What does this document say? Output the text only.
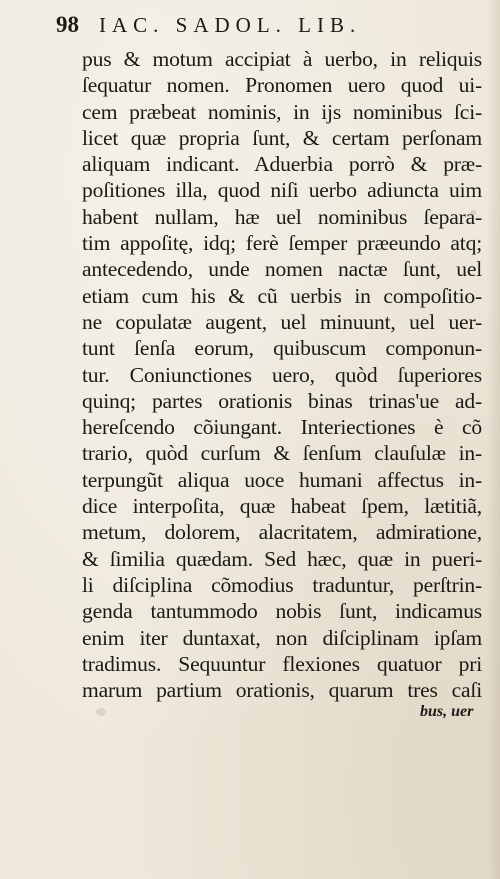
98 IAC. SADOL. LIB.
pus & motum accipiat à uerbo, in reliquis
ſequatur nomen. Pronomen uero quod ui-
cem præbeat nominis, in ijs nominibus ſci-
licet quæ propria ſunt, & certam perſonam
aliquam indicant. Aduerbia porrò & præ-
poſitiones illa, quod niſi uerbo adiuncta uim
habent nullam, hæ uel nominibus ſepara-
tim appoſitę, idq; ferè ſemper præeundo atq;
antecedendo, unde nomen nactæ ſunt, uel
etiam cum his & cũ uerbis in compoſitio-
ne copulatæ augent, uel minuunt, uel uer-
tunt ſenſa eorum, quibuscum componun-
tur. Coniunctiones uero, quòd ſuperiores
quinq; partes orationis binas trinas'ue ad-
hereſcendo cõiungant. Interiectiones è cõ
trario, quòd curſum & ſenſum clauſulæ in-
terpungũt aliqua uoce humani affectus in-
dice interpoſita, quæ habeat ſpem, lætitiã,
metum, dolorem, alacritatem, admiratione,
& ſimilia quædam. Sed hæc, quæ in pueri-
li diſciplina cõmodius traduntur, perſtrin-
genda tantummodo nobis ſunt, indicamus
enim iter duntaxat, non diſciplinam ipſam
tradimus. Sequuntur flexiones quatuor pri
marum partium orationis, quarum tres caſi
bus, uer
